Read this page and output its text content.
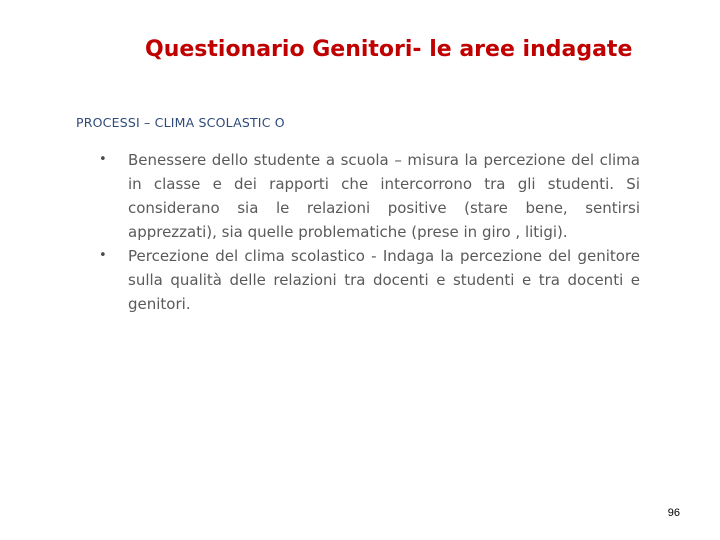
Questionario Genitori- le aree indagate

PROCESSI – CLIMA SCOLASTIC O

• Benessere dello studente a scuola – misura la percezione del clima in classe e dei rapporti che intercorrono tra gli studenti. Si considerano sia le relazioni positive (stare bene, sentirsi apprezzati), sia quelle problematiche (prese in giro , litigi).
• Percezione del clima scolastico - Indaga la percezione del genitore sulla qualità delle relazioni tra docenti e studenti e tra docenti e genitori.
96
